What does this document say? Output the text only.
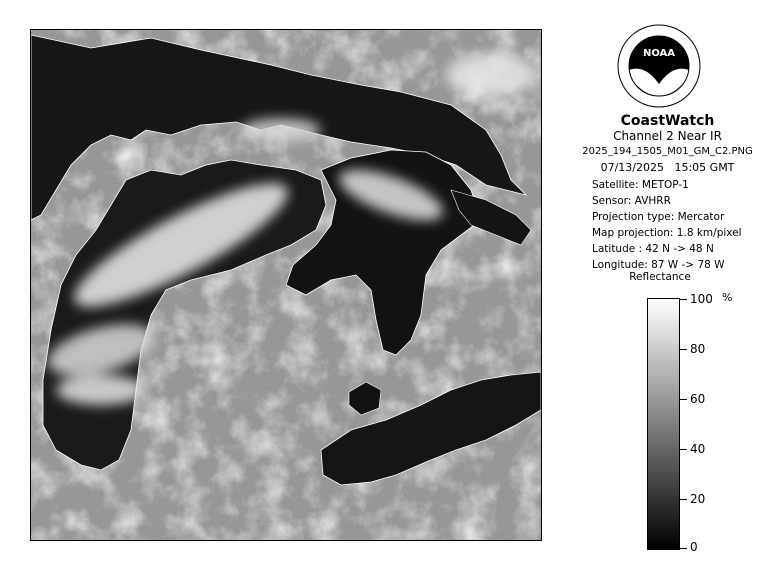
NOAA
CoastWatch
Channel 2 Near IR
2025_194_1505_M01_GM_C2.PNG
07/13/2025   15:05 GMT
Satellite: METOP-1
Sensor: AVHRR
Projection type: Mercator
Map projection: 1.8 km/pixel
Latitude : 42 N -> 48 N
Longitude: 87 W -> 78 W
Reflectance
%
100
80
60
40
20
0
